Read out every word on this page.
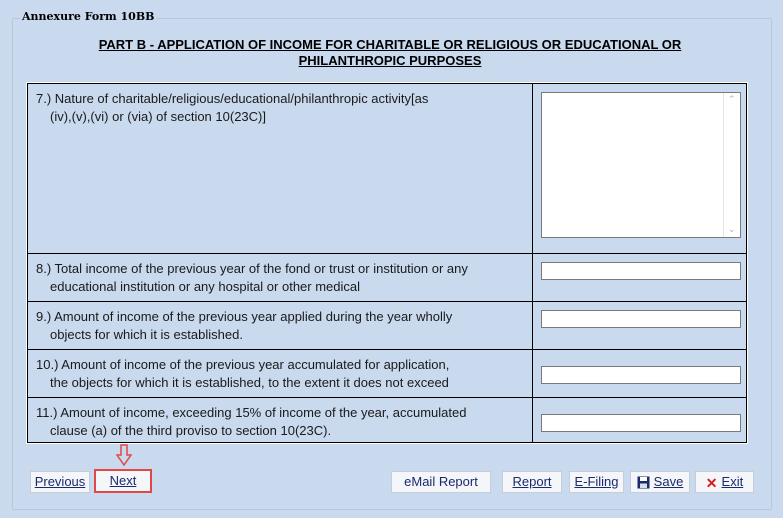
Annexure Form 10BB
PART B - APPLICATION OF INCOME FOR CHARITABLE OR RELIGIOUS OR EDUCATIONAL OR
PHILANTHROPIC PURPOSES
7.) Nature of charitable/religious/educational/philanthropic activity[as
(iv),(v),(vi) or (via) of section 10(23C)]
⌃
⌄
8.) Total income of the previous year of the fond or trust or institution or any
educational institution or any hospital or other medical
9.) Amount of income of the previous year applied during the year wholly
objects for which it is established.
10.) Amount of income of the previous year accumulated for application,
the objects for which it is established, to the extent it does not exceed
11.) Amount of income, exceeding 15% of income of the year, accumulated
clause (a) of the third proviso to section 10(23C).
Previous	Next	eMail Report	Report	E-Filing	Save	✕ Exit
